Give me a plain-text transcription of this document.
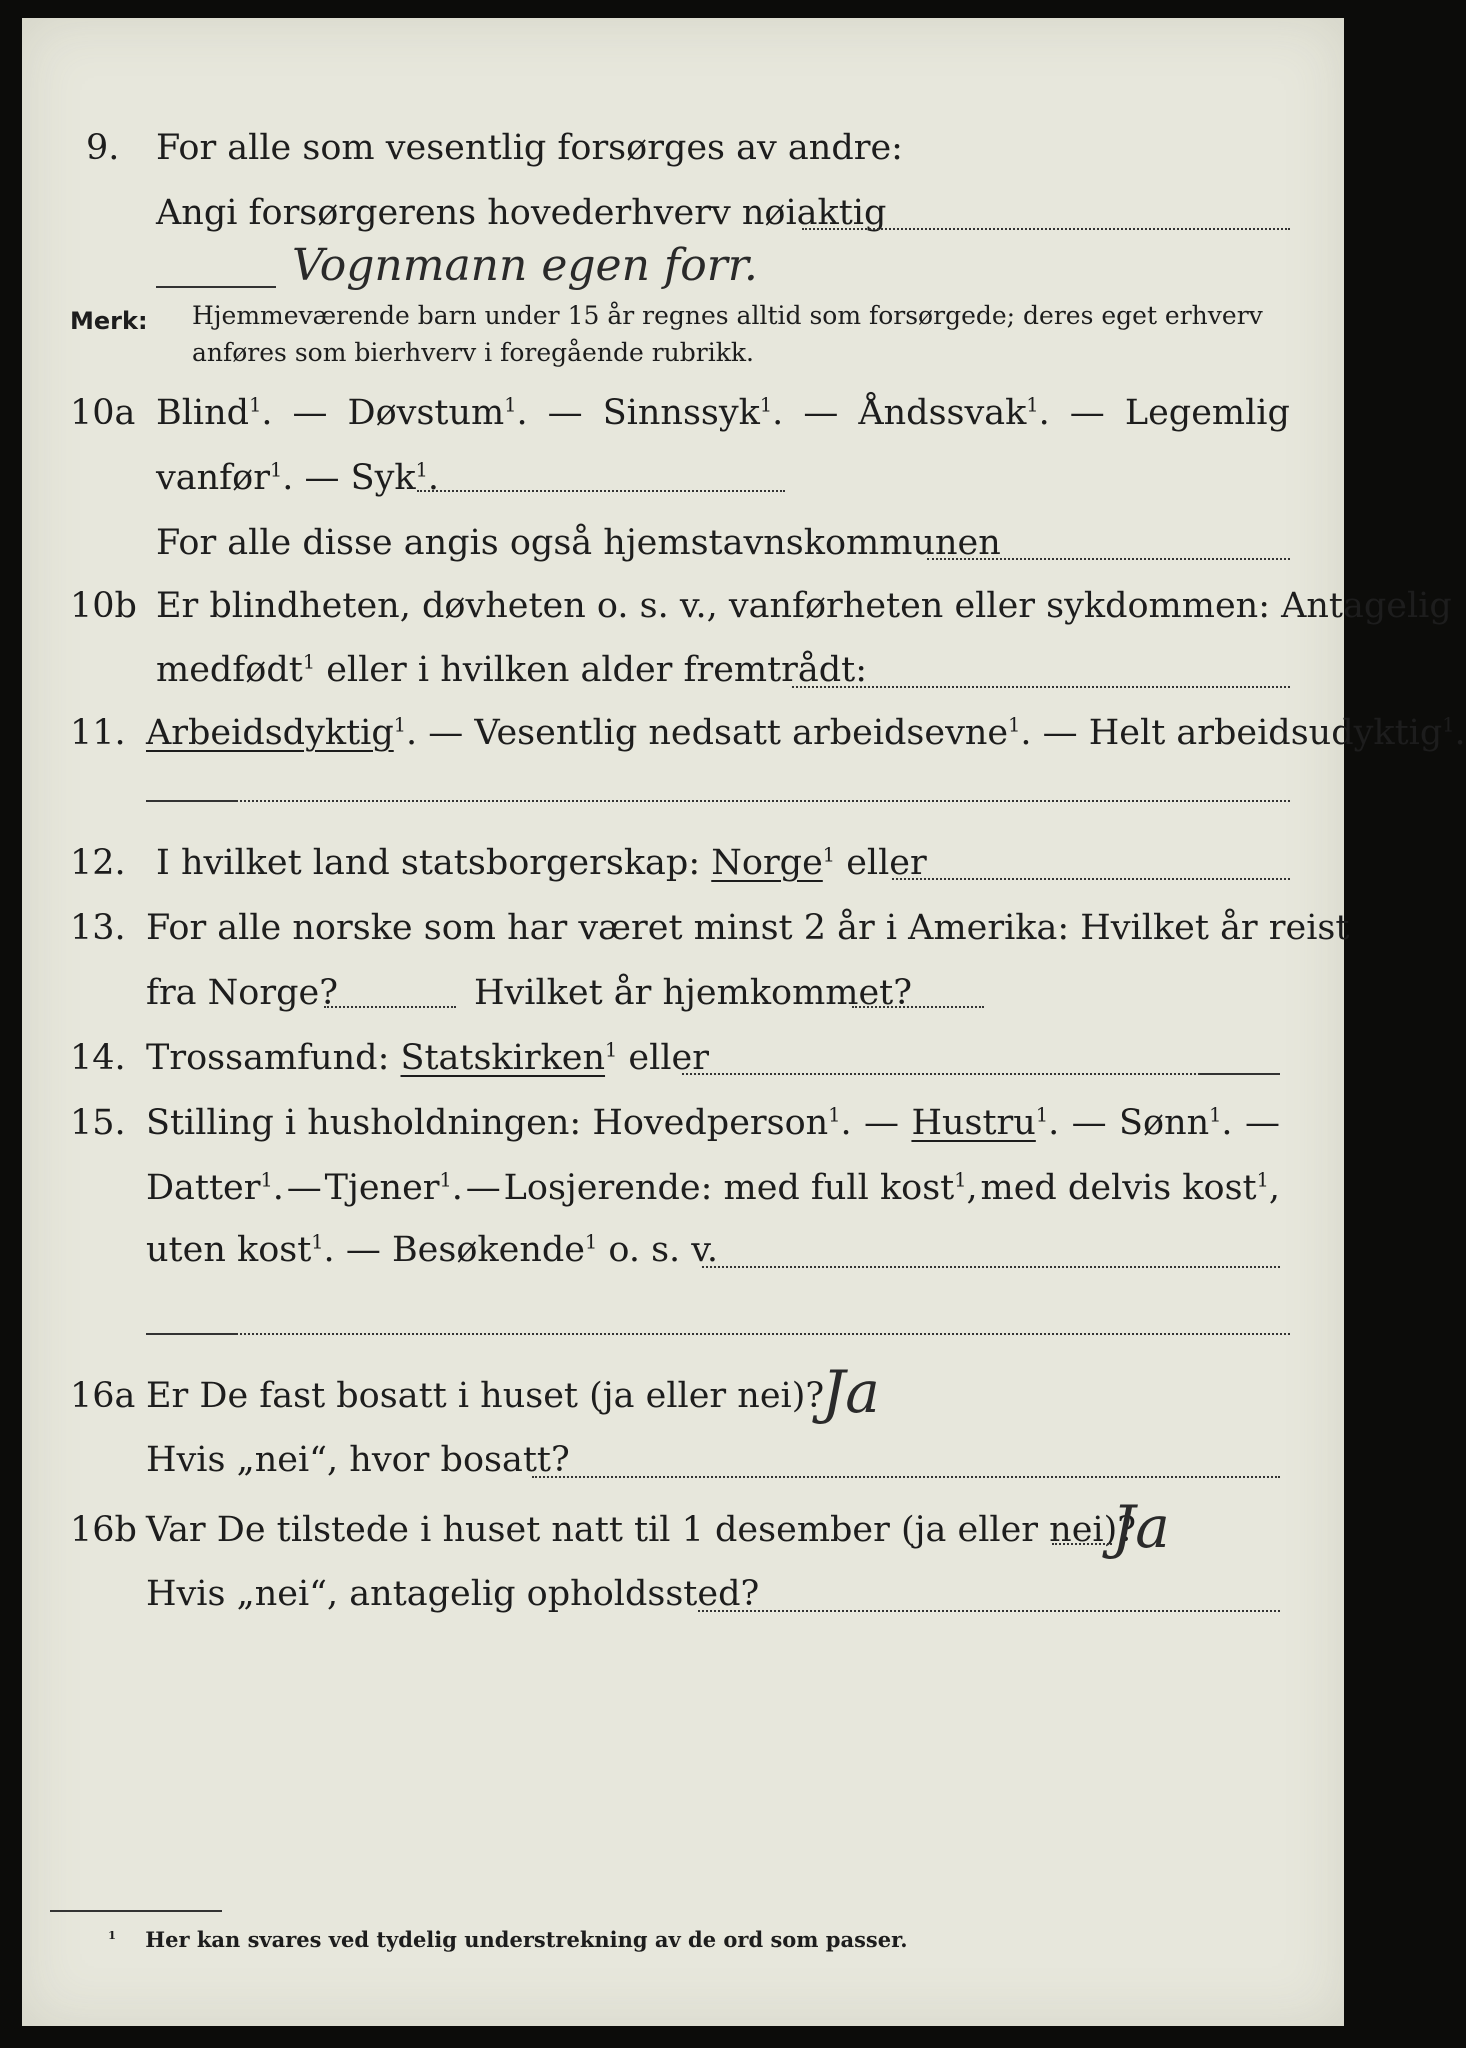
9. For alle som vesentlig forsørges av andre:
Angi forsørgerens hovederhverv nøiaktig
Vognmann egen forr.
Merk: Hjemmeværende barn under 15 år regnes alltid som forsørgede; deres eget erhverv
anføres som bierhverv i foregående rubrikk.
10a Blind$^1$. — Døvstum$^1$. — Sinnssyk$^1$. — Åndssvak$^1$. — Legemlig
vanfør$^1$. — Syk$^1$.
For alle disse angis også hjemstavnskommunen
10b Er blindheten, døvheten o. s. v., vanførheten eller sykdommen: Antagelig
medfødt$^1$ eller i hvilken alder fremtrådt:
11. Arbeidsdyktig$^1$. — Vesentlig nedsatt arbeidsevne$^1$. — Helt arbeidsudyktig$^1$.
12. I hvilket land statsborgerskap: Norge$^1$ eller
13. For alle norske som har været minst 2 år i Amerika: Hvilket år reist
fra Norge?	Hvilket år hjemkommet?
14. Trossamfund: Statskirken$^1$ eller
15. Stilling i husholdningen: Hovedperson$^1$. — Hustru$^1$. — Sønn$^1$. —
Datter$^1$. — Tjener$^1$. — Losjerende: med full kost$^1$, med delvis kost$^1$,
uten kost$^1$. — Besøkende$^1$ o. s. v.
16a Er De fast bosatt i huset (ja eller nei)?
Ja
Hvis „nei“, hvor bosatt?
16b Var De tilstede i huset natt til 1 desember (ja eller nei)?
Ja
Hvis „nei“, antagelig opholdssted?
$^1$ Her kan svares ved tydelig understrekning av de ord som passer.
